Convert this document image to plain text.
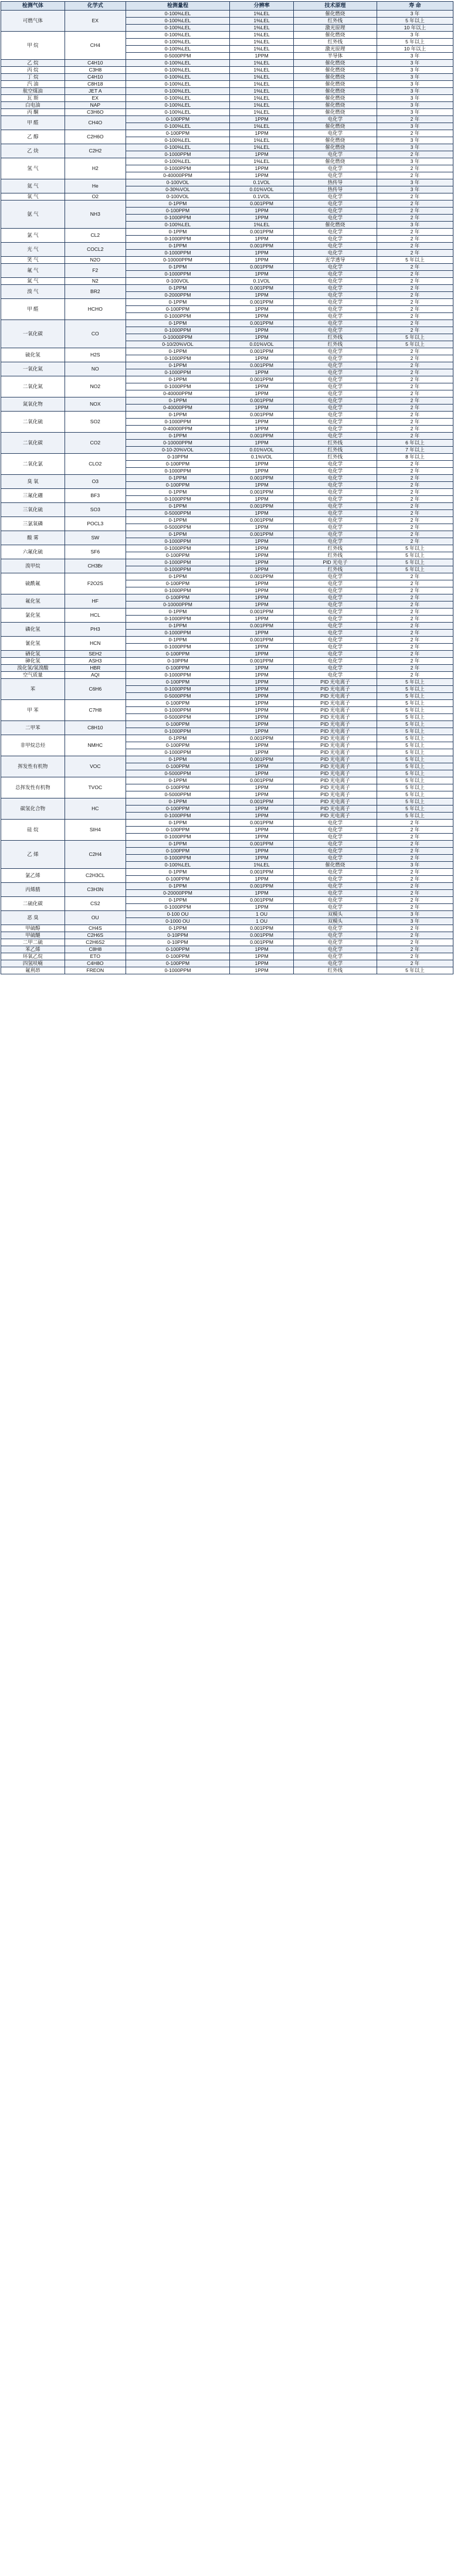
检测气体	化学式	检测量程	分辨率	技术原理	寿 命
可燃气体	EX	0-100%LEL	1%LEL	催化燃烧	3 年
		0-100%LEL	1%LEL	红外线	5 年以上
		0-100%LEL	1%LEL	激光原理	10 年以上
甲 烷	CH4	0-100%LEL	1%LEL	催化燃烧	3 年
		0-100%LEL	1%LEL	红外线	5 年以上
		0-100%LEL	1%LEL	激光原理	10 年以上
		0-5000PPM	1PPM	半导体	3 年
乙 烷	C4H10	0-100%LEL	1%LEL	催化燃烧	3 年
丙 烷	C3H8	0-100%LEL	1%LEL	催化燃烧	3 年
丁 烷	C4H10	0-100%LEL	1%LEL	催化燃烧	3 年
汽 油	C8H18	0-100%LEL	1%LEL	催化燃烧	3 年
航空煤油	JET A	0-100%LEL	1%LEL	催化燃烧	3 年
瓦 斯	EX	0-100%LEL	1%LEL	催化燃烧	3 年
白电油	NAP	0-100%LEL	1%LEL	催化燃烧	3 年
丙 酮	C3H6O	0-100%LEL	1%LEL	催化燃烧	3 年
甲 醛	CH4O	0-100PPM	1PPM	电化学	2 年
		0-100%LEL	1%LEL	催化燃烧	3 年
乙 醇	C2H6O	0-100PPM	1PPM	电化学	2 年
		0-100%LEL	1%LEL	催化燃烧	3 年
乙 炔	C2H2	0-100%LEL	1%LEL	催化燃烧	3 年
		0-1000PPM	1PPM	电化学	2 年
氢 气	H2	0-100%LEL	1%LEL	催化燃烧	3 年
		0-1000PPM	1PPM	电化学	2 年
		0-40000PPM	1PPM	电化学	2 年
氦 气	He	0-100VOL	0.1VOL	热传导	3 年
		0-30%VOL	0.01%VOL	热传导	3 年
氧 气	O2	0-100VOL	0.1VOL	电化学	2 年
氨 气	NH3	0-1PPM	0.001PPM	电化学	2 年
		0-100PPM	1PPM	电化学	2 年
		0-1000PPM	1PPM	电化学	2 年
		0-100%LEL	1%LEL	催化燃烧	3 年
氯 气	CL2	0-1PPM	0.001PPM	电化学	2 年
		0-1000PPM	1PPM	电化学	2 年
光 气	COCL2	0-1PPM	0.001PPM	电化学	2 年
		0-1000PPM	1PPM	电化学	2 年
笑 气	N2O	0-10000PPM	1PPM	光学透导	5 年以上
氟 气	F2	0-1PPM	0.001PPM	电化学	2 年
		0-1000PPM	1PPM	电化学	2 年
氮 气	N2	0-100VOL	0.1VOL	电化学	2 年
溴 气	BR2	0-1PPM	0.001PPM	电化学	2 年
		0-2000PPM	1PPM	电化学	2 年
甲 醛	HCHO	0-1PPM	0.001PPM	电化学	2 年
		0-100PPM	1PPM	电化学	2 年
		0-1000PPM	1PPM	电化学	2 年
一氧化碳	CO	0-1PPM	0.001PPM	电化学	2 年
		0-1000PPM	1PPM	电化学	2 年
		0-10000PPM	1PPM	红外线	5 年以上
		0-10/20%VOL	0.01%VOL	红外线	5 年以上
硫化氢	H2S	0-1PPM	0.001PPM	电化学	2 年
		0-1000PPM	1PPM	电化学	2 年
一氧化氮	NO	0-1PPM	0.001PPM	电化学	2 年
		0-1000PPM	1PPM	电化学	2 年
二氧化氮	NO2	0-1PPM	0.001PPM	电化学	2 年
		0-1000PPM	1PPM	电化学	2 年
		0-40000PPM	1PPM	电化学	2 年
氮氧化物	NOX	0-1PPM	0.001PPM	电化学	2 年
		0-40000PPM	1PPM	电化学	2 年
二氧化硫	SO2	0-1PPM	0.001PPM	电化学	2 年
		0-1000PPM	1PPM	电化学	2 年
		0-40000PPM	1PPM	电化学	2 年
二氧化碳	CO2	0-1PPM	0.001PPM	电化学	2 年
		0-10000PPM	1PPM	红外线	6 年以上
		0-10-20%VOL	0.01%VOL	红外线	7 年以上
二氧化氯	CLO2	0-10PPM	0.1%VOL	红外线	8 年以上
		0-100PPM	1PPM	电化学	2 年
		0-1000PPM	1PPM	电化学	2 年
臭 氧	O3	0-1PPM	0.001PPM	电化学	2 年
		0-100PPM	1PPM	电化学	2 年
三氟化硼	BF3	0-1PPM	0.001PPM	电化学	2 年
		0-1000PPM	1PPM	电化学	2 年
三氧化硫	SO3	0-1PPM	0.001PPM	电化学	2 年
		0-5000PPM	1PPM	电化学	2 年
三氯氧磷	POCL3	0-1PPM	0.001PPM	电化学	2 年
		0-5000PPM	1PPM	电化学	2 年
酸 雾	SW	0-1PPM	0.001PPM	电化学	2 年
		0-1000PPM	1PPM	电化学	2 年
六氟化硫	SF6	0-1000PPM	1PPM	红外线	5 年以上
		0-100PPM	1PPM	红外线	5 年以上
溴甲烷	CH3Br	0-1000PPM	1PPM	PID 光电子	5 年以上
		0-1000PPM	1PPM	红外线	5 年以上
硫酰氟	F2O2S	0-1PPM	0.001PPM	电化学	2 年
		0-100PPM	1PPM	电化学	2 年
		0-1000PPM	1PPM	电化学	2 年
氟化氢	HF	0-100PPM	1PPM	电化学	2 年
		0-10000PPM	1PPM	电化学	2 年
氯化氢	HCL	0-1PPM	0.001PPM	电化学	2 年
		0-1000PPM	1PPM	电化学	2 年
磷化氢	PH3	0-1PPM	0.001PPM	电化学	2 年
		0-1000PPM	1PPM	电化学	2 年
氰化氢	HCN	0-1PPM	0.001PPM	电化学	2 年
		0-1000PPM	1PPM	电化学	2 年
硒化氢	SEH2	0-100PPM	1PPM	电化学	2 年
砷化氢	ASH3	0-10PPM	0.001PPM	电化学	2 年
溴化氢/氢溴酸	HBR	0-100PPM	1PPM	电化学	2 年
空气质量	AQI	0-1000PPM	1PPM	电化学	2 年
苯	C6H6	0-100PPM	1PPM	PID 光电离子	5 年以上
		0-1000PPM	1PPM	PID 光电离子	5 年以上
		0-5000PPM	1PPM	PID 光电离子	5 年以上
甲 苯	C7H8	0-100PPM	1PPM	PID 光电离子	5 年以上
		0-1000PPM	1PPM	PID 光电离子	5 年以上
		0-5000PPM	1PPM	PID 光电离子	5 年以上
二甲苯	C8H10	0-100PPM	1PPM	PID 光电离子	5 年以上
		0-1000PPM	1PPM	PID 光电离子	5 年以上
非甲烷总烃	NMHC	0-1PPM	0.001PPM	PID 光电离子	5 年以上
		0-100PPM	1PPM	PID 光电离子	5 年以上
		0-1000PPM	1PPM	PID 光电离子	5 年以上
挥发性有机物	VOC	0-1PPM	0.001PPM	PID 光电离子	5 年以上
		0-100PPM	1PPM	PID 光电离子	5 年以上
		0-5000PPM	1PPM	PID 光电离子	5 年以上
总挥发性有机物	TVOC	0-1PPM	0.001PPM	PID 光电离子	5 年以上
		0-100PPM	1PPM	PID 光电离子	5 年以上
		0-5000PPM	1PPM	PID 光电离子	5 年以上
碳氢化合物	HC	0-1PPM	0.001PPM	PID 光电离子	5 年以上
		0-100PPM	1PPM	PID 光电离子	5 年以上
		0-1000PPM	1PPM	PID 光电离子	5 年以上
硅 烷	SIH4	0-1PPM	0.001PPM	电化学	2 年
		0-100PPM	1PPM	电化学	2 年
		0-1000PPM	1PPM	电化学	2 年
乙 烯	C2H4	0-1PPM	0.001PPM	电化学	2 年
		0-100PPM	1PPM	电化学	2 年
		0-1000PPM	1PPM	电化学	2 年
		0-100%LEL	1%LEL	催化燃烧	3 年
氯乙烯	C2H3CL	0-1PPM	0.001PPM	电化学	2 年
		0-100PPM	1PPM	电化学	2 年
丙烯腈	C3H3N	0-1PPM	0.001PPM	电化学	2 年
		0-20000PPM	1PPM	电化学	2 年
二硫化碳	CS2	0-1PPM	0.001PPM	电化学	2 年
		0-1000PPM	1PPM	电化学	2 年
恶 臭	OU	0-100 OU	1 OU	双模头	3 年
		0-1000 OU	1 OU	双模头	3 年
甲硫醇	CH4S	0-1PPM	0.001PPM	电化学	2 年
甲硫醚	C2H6S	0-10PPM	0.001PPM	电化学	2 年
二甲二硫	C2H6S2	0-10PPM	0.001PPM	电化学	2 年
苯乙烯	C8H8	0-100PPM	1PPM	电化学	2 年
环氧乙烷	ETO	0-100PPM	1PPM	电化学	2 年
四氢呋喃	C4H8O	0-100PPM	1PPM	电化学	2 年
氟利昂	FREON	0-1000PPM	1PPM	红外线	5 年以上
